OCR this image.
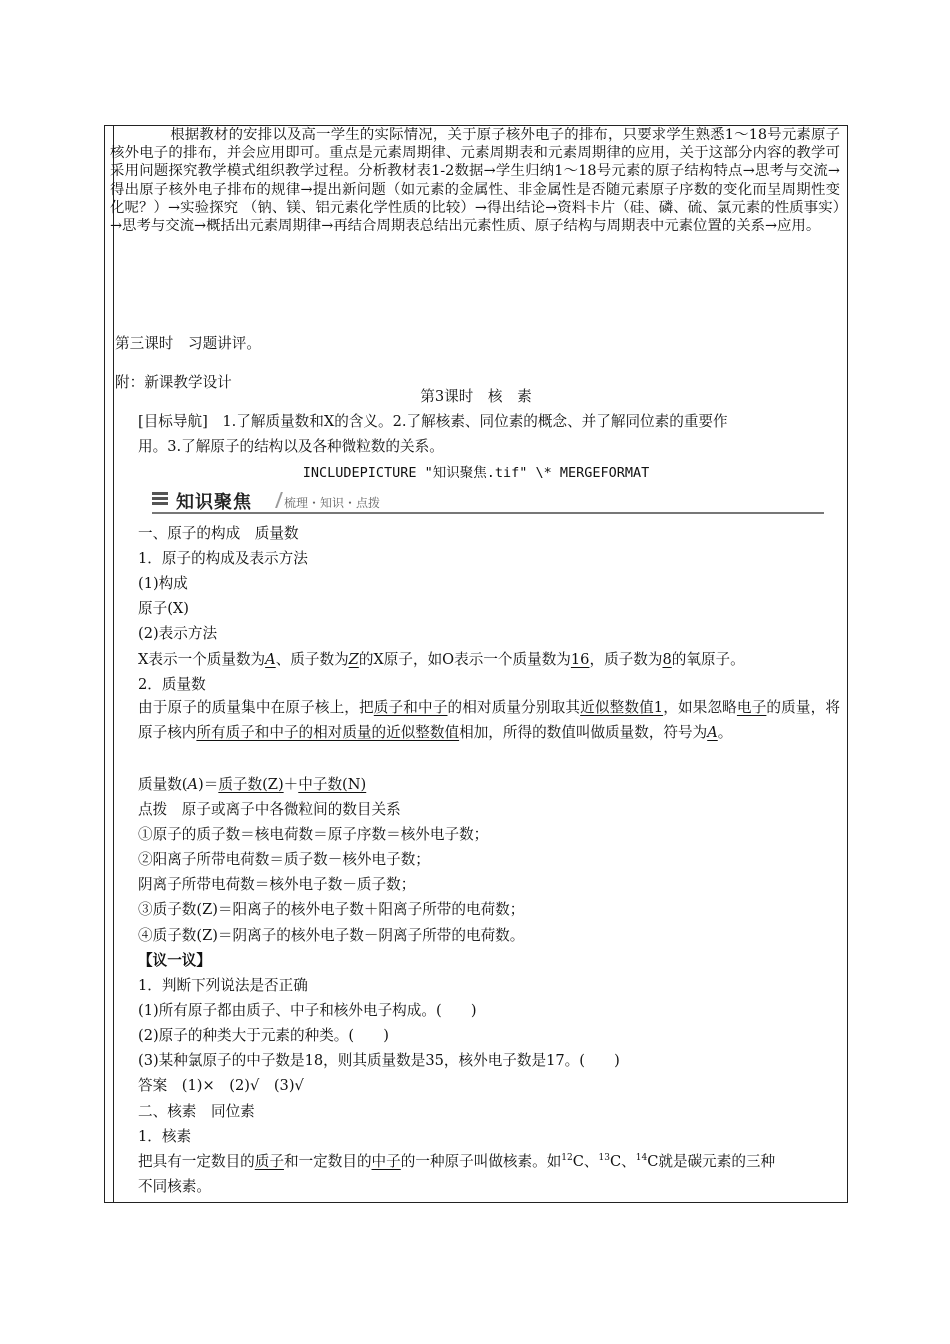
根据教材的安排以及高一学生的实际情况，关于原子核外电子的排布，只要求学生熟悉1～18号元素原子核外电子的排布，并会应用即可。重点是元素周期律、元素周期表和元素周期律的应用，关于这部分内容的教学可采用问题探究教学模式组织教学过程。分析教材表1-2数据→学生归纳1～18号元素的原子结构特点→思考与交流→得出原子核外电子排布的规律→提出新问题（如元素的金属性、非金属性是否随元素原子序数的变化而呈周期性变化呢？）→实验探究 （钠、镁、铝元素化学性质的比较）→得出结论→资料卡片（硅、磷、硫、氯元素的性质事实）→思考与交流→概括出元素周期律→再结合周期表总结出元素性质、原子结构与周期表中元素位置的关系→应用。
第三课时　习题讲评。
附：新课教学设计
第3课时　核　素
[目标导航]　1.了解质量数和X的含义。2.了解核素、同位素的概念、并了解同位素的重要作
用。3.了解原子的结构以及各种微粒数的关系。
INCLUDEPICTURE "知识聚焦.tif" \* MERGEFORMAT
知识聚焦	梳理・知识・点拨
一、原子的构成　质量数
1．原子的构成及表示方法
(1)构成
原子(X)
(2)表示方法
X表示一个质量数为A、质子数为Z的X原子，如O表示一个质量数为16，质子数为8的氧原子。
2．质量数
由于原子的质量集中在原子核上，把质子和中子的相对质量分别取其近似整数值1，如果忽略电子的质量，将原子核内所有质子和中子的相对质量的近似整数值相加，所得的数值叫做质量数，符号为A。
质量数(A)＝质子数(Z)＋中子数(N)
点拨　原子或离子中各微粒间的数目关系
①原子的质子数＝核电荷数＝原子序数＝核外电子数；
②阳离子所带电荷数＝质子数－核外电子数；
阴离子所带电荷数＝核外电子数－质子数；
③质子数(Z)＝阳离子的核外电子数＋阳离子所带的电荷数；
④质子数(Z)＝阴离子的核外电子数－阴离子所带的电荷数。
【议一议】
1．判断下列说法是否正确
(1)所有原子都由质子、中子和核外电子构成。(　　)
(2)原子的种类大于元素的种类。(　　)
(3)某种氯原子的中子数是18，则其质量数是35，核外电子数是17。(　　)
答案　(1)×　(2)√　(3)√
二、核素　同位素
1．核素
把具有一定数目的质子和一定数目的中子的一种原子叫做核素。如$^{12}$C、$^{13}$C、$^{14}$C就是碳元素的三种
不同核素。
